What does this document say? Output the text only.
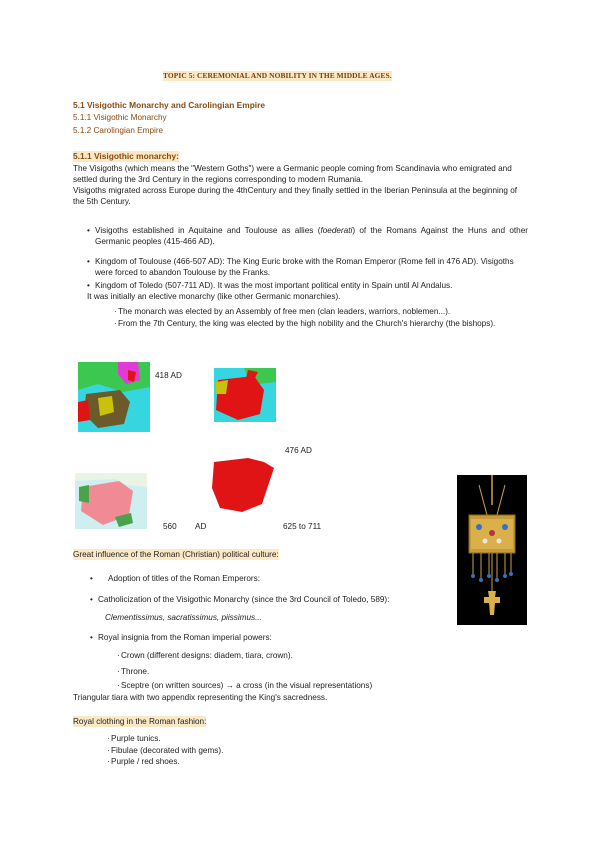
TOPIC 5: CEREMONIAL AND NOBILITY IN THE MIDDLE AGES.
5.1 Visigothic Monarchy and Carolingian Empire
5.1.1 Visigothic Monarchy
5.1.2 Carolingian Empire
5.1.1 Visigothic monarchy:

The Visigoths (which means the "Western Goths") were a Germanic people coming from Scandinavia who emigrated and settled during the 3rd Century in the regions corresponding to modern Rumania.

Visigoths migrated across Europe during the 4thCentury and they finally settled in the Iberian Peninsula at the beginning of the 5th Century.

• Visigoths established in Aquitaine and Toulouse as allies (foederati) of the Romans Against the Huns and other Germanic peoples (415-466 AD).
• Kingdom of Toulouse (466-507 AD): The King Euric broke with the Roman Emperor (Rome fell in 476 AD). Visigoths were forced to abandon Toulouse by the Franks.
• Kingdom of Toledo (507-711 AD). It was the most important political entity in Spain until Al Andalus.
It was initially an elective monarchy (like other Germanic monarchies).
· The monarch was elected by an Assembly of free men (clan leaders, warriors, noblemen...).
· From the 7th Century, the king was elected by the high nobility and the Church's hierarchy (the bishops).
418 AD
476 AD
560 AD	625 to 711
Great influence of the Roman (Christian) political culture:
•	Adoption of titles of the Roman Emperors:
• Catholicization of the Visigothic Monarchy (since the 3rd Council of Toledo, 589):
Clementissimus, sacratissimus, piissimus...
• Royal insignia from the Roman imperial powers:
· Crown (different designs: diadem, tiara, crown).
· Throne.
· Sceptre (on written sources) → a cross (in the visual representations)
Triangular tiara with two appendix representing the King's sacredness.
Royal clothing in the Roman fashion:
· Purple tunics.
· Fibulae (decorated with gems).
· Purple / red shoes.
